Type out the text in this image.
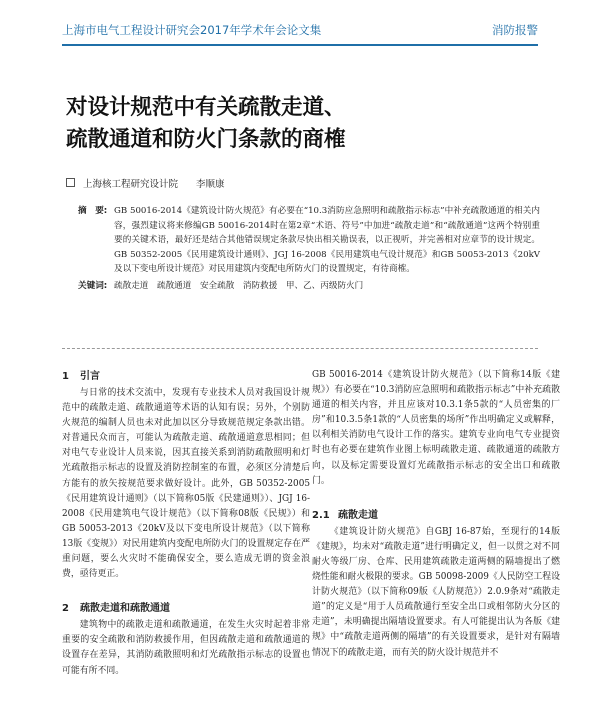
上海市电气工程设计研究会2017年学术年会论文集	消防报警
对设计规范中有关疏散走道、
疏散通道和防火门条款的商榷
上海核工程研究设计院 李顺康
摘　要: GB 50016-2014《建筑设计防火规范》有必要在“10.3消防应急照明和疏散指示标志”中补充疏散通道的相关内容，强烈建议将来修编GB 50016-2014时在第2章“术语、符号”中加进“疏散走道”和“疏散通道”这两个特别重要的关键术语，最好还是结合其他错误规定条款尽快出相关勘误表，以正视听，并完善相对应章节的设计规定。GB 50352-2005《民用建筑设计通则》、JGJ 16-2008《民用建筑电气设计规范》和GB 50053-2013《20kV及以下变电所设计规范》对民用建筑内变配电所防火门的设置规定，有待商榷。
关键词: 疏散走道　疏散通道　安全疏散　消防救援　甲、乙、丙级防火门
1 引言

与日常的技术交流中，发现有专业技术人员对我国设计规范中的疏散走道、疏散通道等术语的认知有误；另外，个别防火规范的编制人员也未对此加以区分导致规范规定条款出错。对普通民众而言，可能认为疏散走道、疏散通道意思相同；但对电气专业设计人员来说，因其直接关系到消防疏散照明和灯光疏散指示标志的设置及消防控制室的布置，必须区分清楚后方能有的放矢按规范要求做好设计。此外，GB 50352-2005《民用建筑设计通则》（以下简称05版《民建通则》）、JGJ 16-2008《民用建筑电气设计规范》（以下简称08版《民规》）和GB 50053-2013《20kV及以下变电所设计规范》（以下简称13版《变规》）对民用建筑内变配电所防火门的设置规定存在严重问题，要么火灾时不能确保安全，要么造成无谓的资金浪费，亟待更正。

2 疏散走道和疏散通道

建筑物中的疏散走道和疏散通道，在发生火灾时起着非常重要的安全疏散和消防救援作用，但因疏散走道和疏散通道的设置存在差异，其消防疏散照明和灯光疏散指示标志的设置也可能有所不同。

GB 50016-2014《建筑设计防火规范》（以下简称14版《建规》）有必要在“10.3消防应急照明和疏散指示标志”中补充疏散通道的相关内容，并且应该对10.3.1条5款的“人员密集的厂房”和10.3.5条1款的“人员密集的场所”作出明确定义或解释，以利相关消防电气设计工作的落实。建筑专业向电气专业提资时也有必要在建筑作业图上标明疏散走道、疏散通道的疏散方向，以及标定需要设置灯光疏散指示标志的安全出口和疏散门。

2.1 疏散走道

《建筑设计防火规范》自GBJ 16-87始，至现行的14版《建规》，均未对“疏散走道”进行明确定义，但一以贯之对不同耐火等级厂房、仓库、民用建筑疏散走道两侧的隔墙提出了燃烧性能和耐火极限的要求。GB 50098-2009《人民防空工程设计防火规范》（以下简称09版《人防规范》）2.0.9条对“疏散走道”的定义是“用于人员疏散通行至安全出口或相邻防火分区的走道”，未明确提出隔墙设置要求。有人可能提出认为各版《建规》中“疏散走道两侧的隔墙”的有关设置要求，是针对有隔墙情况下的疏散走道，而有关的防火设计规范并不
